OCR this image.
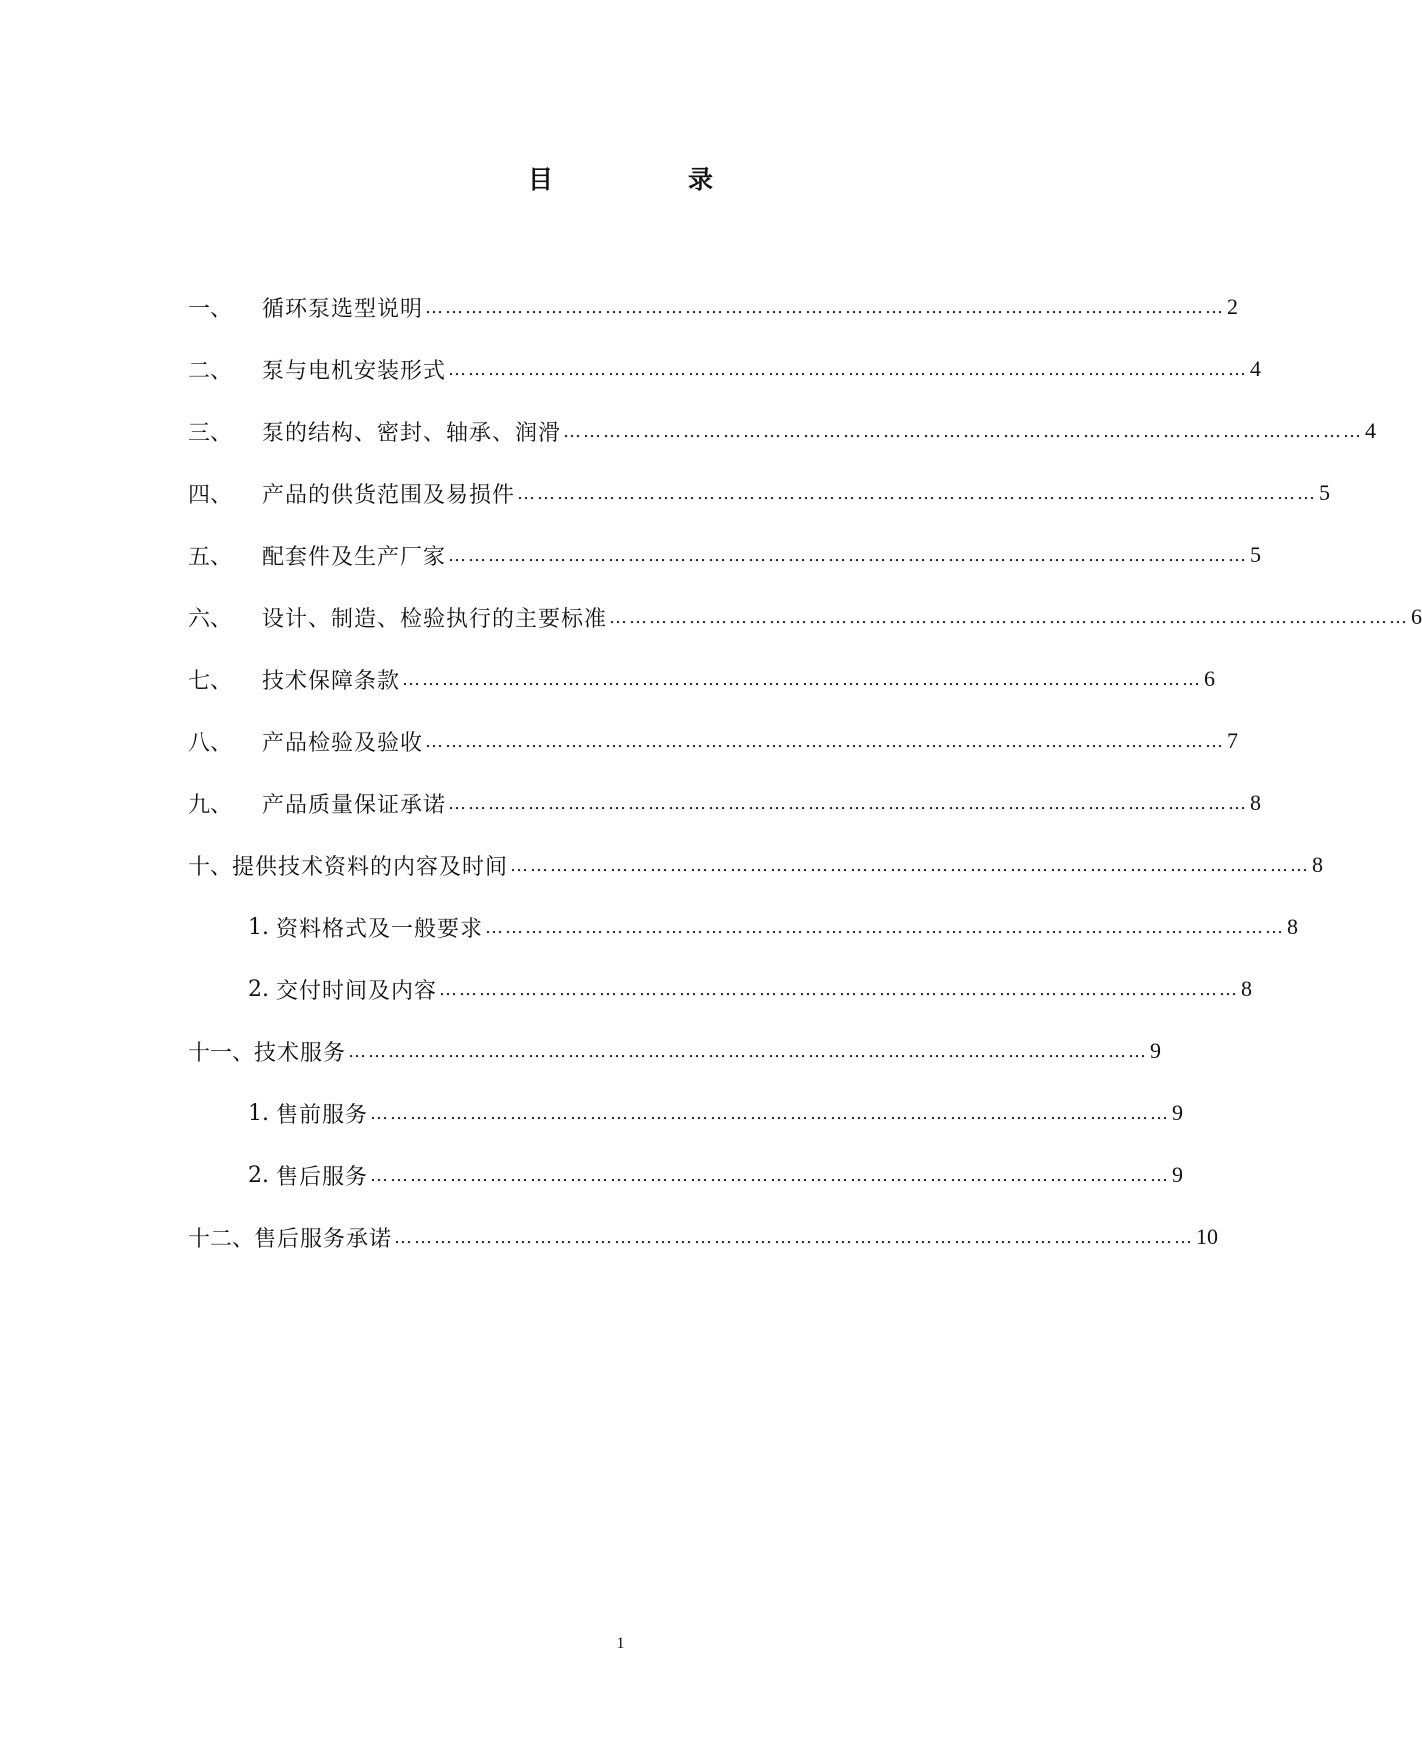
目	录
一、	循环泵选型说明 ………………………………………………………………………………………………………… 2
二、	泵与电机安装形式 ………………………………………………………………………………………………………… 4
三、	泵的结构、密封、轴承、润滑 ………………………………………………………………………………………………………… 4
四、	产品的供货范围及易损件 ………………………………………………………………………………………………………… 5
五、	配套件及生产厂家 ………………………………………………………………………………………………………… 5
六、	设计、制造、检验执行的主要标准 ………………………………………………………………………………………………………… 6
七、	技术保障条款 ………………………………………………………………………………………………………… 6
八、	产品检验及验收 ………………………………………………………………………………………………………… 7
九、	产品质量保证承诺 ………………………………………………………………………………………………………… 8
十、 提供技术资料的内容及时间 ………………………………………………………………………………………………………… 8
1. 资料格式及一般要求 ………………………………………………………………………………………………………… 8
2. 交付时间及内容 ………………………………………………………………………………………………………… 8
十一、 技术服务 ………………………………………………………………………………………………………… 9
1. 售前服务 ………………………………………………………………………………………………………… 9
2. 售后服务 ………………………………………………………………………………………………………… 9
十二、 售后服务承诺 ………………………………………………………………………………………………………… 10
1
